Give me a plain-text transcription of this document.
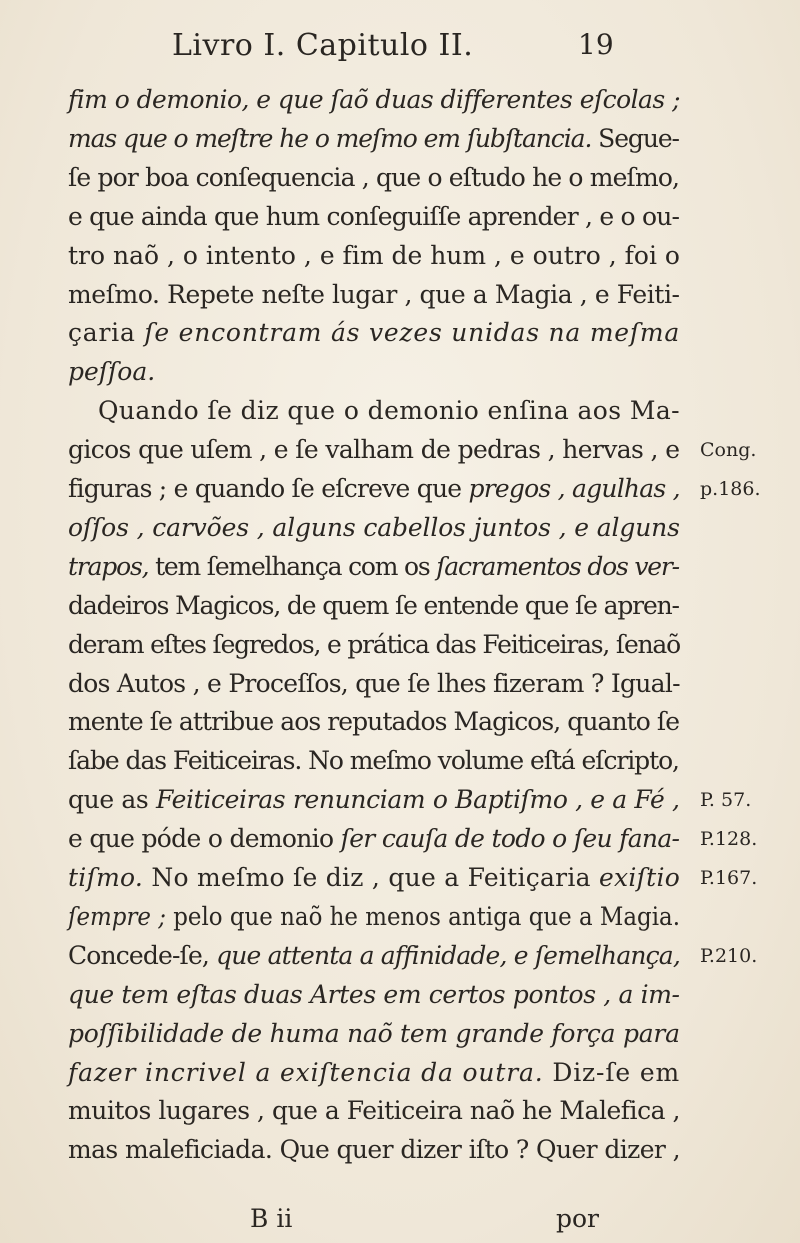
Livro I. Capitulo II.	19
fim o demonio, e que ſaõ duas differentes eſcolas ;
mas que o meſtre he o meſmo em ſubſtancia. Segue-
ſe por boa conſequencia , que o eſtudo he o meſmo,
e que ainda que hum conſeguiſſe aprender , e o ou-
tro naõ , o intento , e fim de hum , e outro , foi o
meſmo. Repete neſte lugar , que a Magia , e Feiti-
çaria ſe encontram ás vezes unidas na meſma
peſſoa.
Quando ſe diz que o demonio enſina aos Ma-
gicos que uſem , e ſe valham de pedras , hervas , e
figuras ; e quando ſe eſcreve que pregos , agulhas ,
oſſos , carvões , alguns cabellos juntos , e alguns
trapos, tem ſemelhança com os ſacramentos dos ver-
dadeiros Magicos, de quem ſe entende que ſe apren-
deram eſtes ſegredos, e prática das Feiticeiras, ſenaõ
dos Autos , e Proceſſos, que ſe lhes fizeram ? Igual-
mente ſe attribue aos reputados Magicos, quanto ſe
ſabe das Feiticeiras. No meſmo volume eſtá eſcripto,
que as Feiticeiras renunciam o Baptiſmo , e a Fé ,
e que póde o demonio ſer cauſa de todo o ſeu fana-
tiſmo. No meſmo ſe diz , que a Feitiçaria exiſtio
ſempre ; pelo que naõ he menos antiga que a Magia.
Concede-ſe, que attenta a affinidade, e ſemelhança,
que tem eſtas duas Artes em certos pontos , a im-
poſſibilidade de huma naõ tem grande força para
fazer incrivel a exiſtencia da outra. Diz-ſe em
muitos lugares , que a Feiticeira naõ he Malefica ,
mas maleficiada. Que quer dizer iſto ? Quer dizer ,
Cong.
p.186.
P. 57.
P.128.
P.167.
P.210.
B ii	por
